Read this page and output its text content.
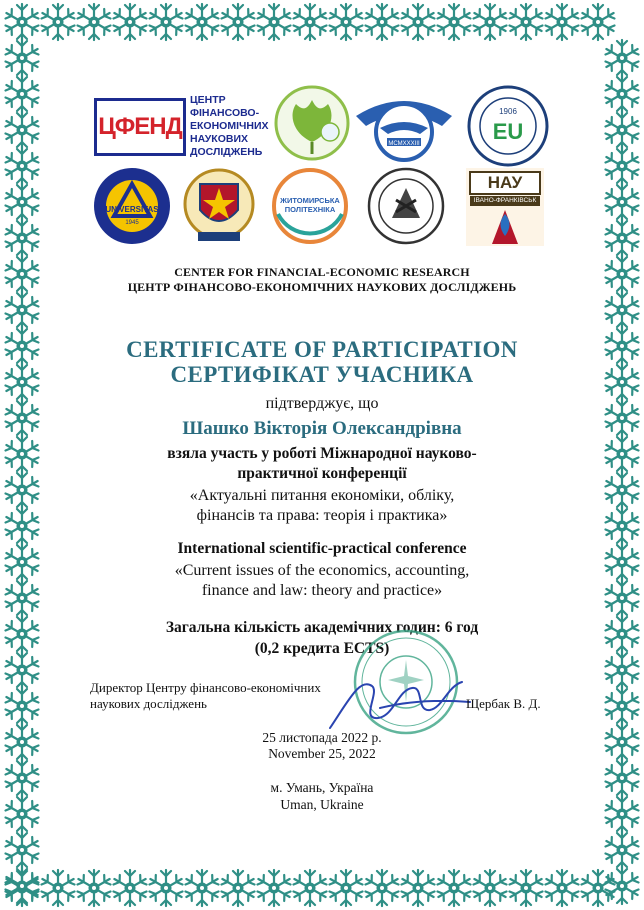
ЦФЕНД
ЦЕНТР
ФІНАНСОВО-
ЕКОНОМІЧНИХ
НАУКОВИХ
ДОСЛІДЖЕНЬ
MCMXXXIII
1906
EU
UNIVERSITAS
1945
ЖИТОМИРСЬКА
ПОЛІТЕХНІКА
НАУ
ІВАНО-ФРАНКІВСЬК
CENTER FOR FINANCIAL-ECONOMIC RESEARCH
ЦЕНТР ФІНАНСОВО-ЕКОНОМІЧНИХ НАУКОВИХ ДОСЛІДЖЕНЬ
CERTIFICATE OF PARTICIPATION
СЕРТИФІКАТ УЧАСНИКА
підтверджує, що
Шашко Вікторія Олександрівна
взяла участь у роботі Міжнародної науково-
практичної конференції
«Актуальні питання економіки, обліку,
фінансів та права: теорія і практика»
International scientific-practical conference
«Current issues of the economics, accounting,
finance and law: theory and practice»
Загальна кількість академічних годин: 6 год
(0,2 кредита ЕСТS)
Директор Центру фінансово-економічних
наукових досліджень	Щербак В. Д.
25 листопада 2022 р.
November 25, 2022
м. Умань, Україна
Uman, Ukraine
